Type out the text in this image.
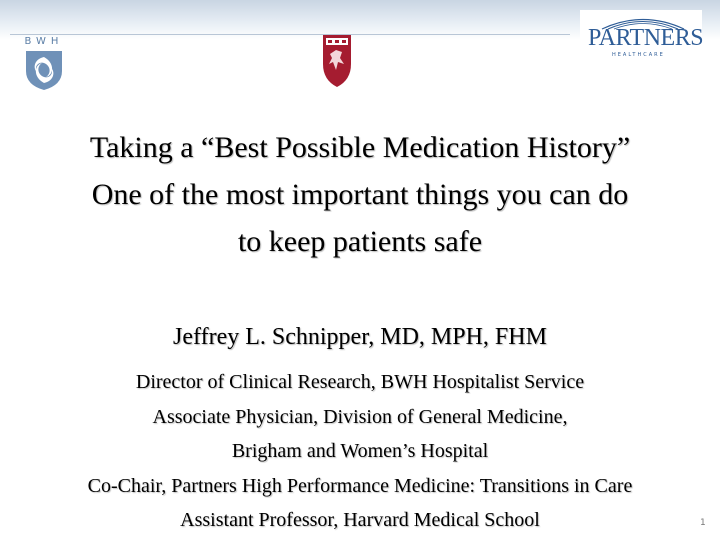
BWH	PARTNERS
HEALTHCARE
Taking a “Best Possible Medication History”
One of the most important things you can do
to keep patients safe
Jeffrey L. Schnipper, MD, MPH, FHM
Director of Clinical Research, BWH Hospitalist Service
Associate Physician, Division of General Medicine,
Brigham and Women’s Hospital
Co-Chair, Partners High Performance Medicine: Transitions in Care
Assistant Professor, Harvard Medical School	1
